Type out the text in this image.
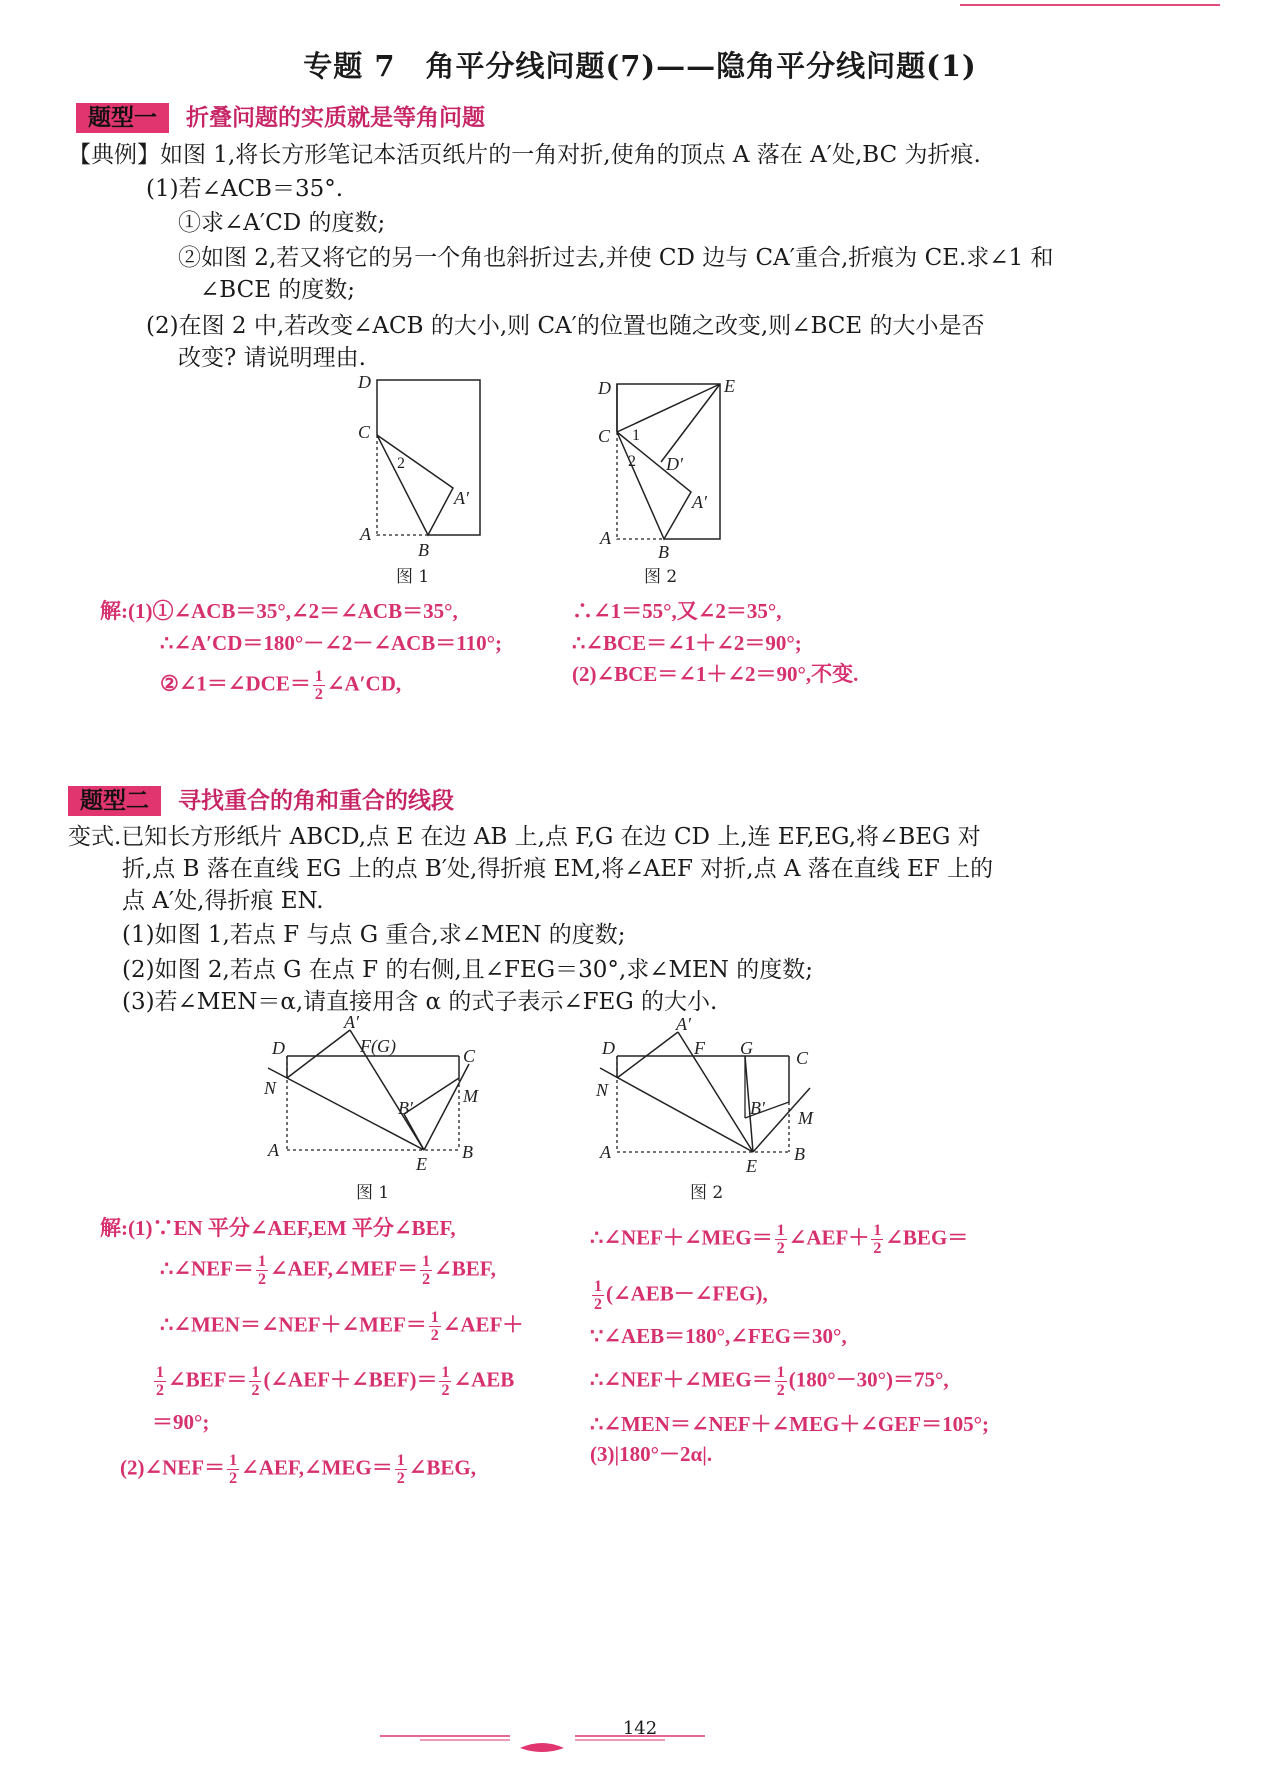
专题 7　角平分线问题(7)——隐角平分线问题(1)
题型一	折叠问题的实质就是等角问题
【典例】如图 1,将长方形笔记本活页纸片的一角对折,使角的顶点 A 落在 A′处,BC 为折痕.
(1)若∠ACB＝35°.
①求∠A′CD 的度数;
②如图 2,若又将它的另一个角也斜折过去,并使 CD 边与 CA′重合,折痕为 CE.求∠1 和
∠BCE 的度数;
(2)在图 2 中,若改变∠ACB 的大小,则 CA′的位置也随之改变,则∠BCE 的大小是否
改变? 请说明理由.
D
C
2
A′
A
B
图 1
D	E
C 1
2 D′
A′
A
B
图 2
解:(1)①∠ACB＝35°,∠2＝∠ACB＝35°,
∴∠A′CD＝180°－∠2－∠ACB＝110°;
②∠1＝∠DCE＝ $\frac{1}{2}$ ∠A′CD,
∴∠1＝55°,又∠2＝35°,
∴∠BCE＝∠1＋∠2＝90°;
(2)∠BCE＝∠1＋∠2＝90°,不变.
题型二	寻找重合的角和重合的线段
变式.已知长方形纸片 ABCD,点 E 在边 AB 上,点 F,G 在边 CD 上,连 EF,EG,将∠BEG 对
折,点 B 落在直线 EG 上的点 B′处,得折痕 EM,将∠AEF 对折,点 A 落在直线 EF 上的
点 A′处,得折痕 EN.
(1)如图 1,若点 F 与点 G 重合,求∠MEN 的度数;
(2)如图 2,若点 G 在点 F 的右侧,且∠FEG＝30°,求∠MEN 的度数;
(3)若∠MEN＝α,请直接用含 α 的式子表示∠FEG 的大小.
A′
D	F(G)	C
N	M
B′
A
E
B
图 1
A′
D	F G C
N
B′ M
A
E
B
图 2
解:(1)∵EN 平分∠AEF,EM 平分∠BEF,
∴∠NEF＝ $\frac{1}{2}$ ∠AEF,∠MEF＝ $\frac{1}{2}$ ∠BEF,
∴∠MEN＝∠NEF＋∠MEF＝ $\frac{1}{2}$ ∠AEF＋
$\frac{1}{2}$ ∠BEF＝ $\frac{1}{2}$ (∠AEF＋∠BEF)＝ $\frac{1}{2}$ ∠AEB
＝90°;
(2)∠NEF＝ $\frac{1}{2}$ ∠AEF,∠MEG＝ $\frac{1}{2}$ ∠BEG,
∴∠NEF＋∠MEG＝ $\frac{1}{2}$ ∠AEF＋ $\frac{1}{2}$ ∠BEG＝
$\frac{1}{2}$ (∠AEB－∠FEG),
∵∠AEB＝180°,∠FEG＝30°,
∴∠NEF＋∠MEG＝ $\frac{1}{2} (180^\circ-30^\circ)=75^\circ$,
∴∠MEN＝∠NEF＋∠MEG＋∠GEF＝105°;
(3)|180°－2α|.
142
